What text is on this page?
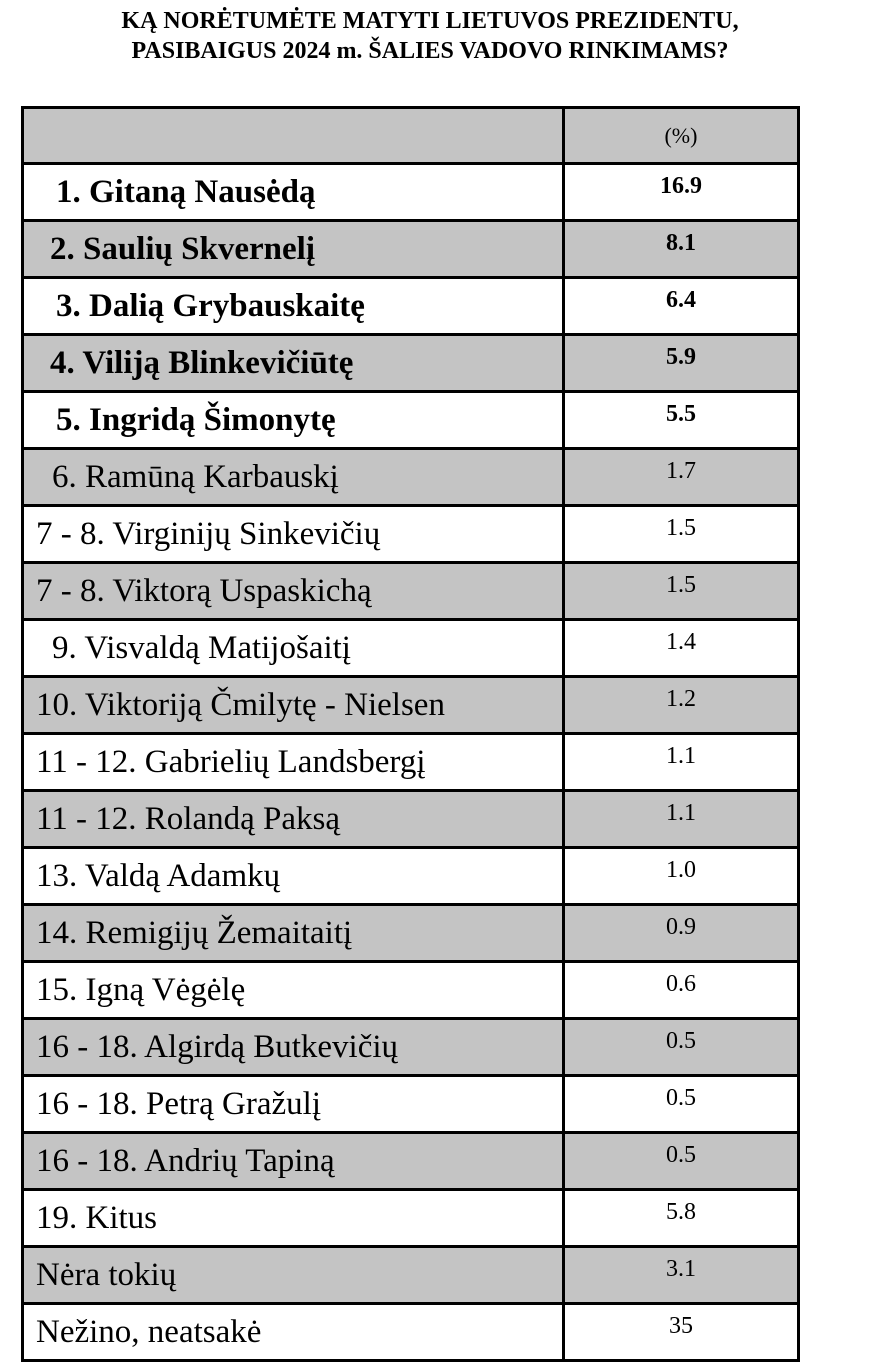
KĄ NORĖTUMĖTE MATYTI LIETUVOS PREZIDENTU,
PASIBAIGUS 2024 m. ŠALIES VADOVO RINKIMAMS?
	(%)
1. Gitaną Nausėdą	16.9
2. Saulių Skvernelį	8.1
3. Dalią Grybauskaitę	6.4
4. Viliją Blinkevičiūtę	5.9
5. Ingridą Šimonytę	5.5
6. Ramūną Karbauskį	1.7
7 - 8. Virginijų Sinkevičių	1.5
7 - 8. Viktorą Uspaskichą	1.5
9. Visvaldą Matijošaitį	1.4
10. Viktoriją Čmilytę - Nielsen	1.2
11 - 12. Gabrielių Landsbergį	1.1
11 - 12. Rolandą Paksą	1.1
13. Valdą Adamkų	1.0
14. Remigijų Žemaitaitį	0.9
15. Igną Vėgėlę	0.6
16 - 18. Algirdą Butkevičių	0.5
16 - 18. Petrą Gražulį	0.5
16 - 18. Andrių Tapiną	0.5
19. Kitus	5.8
Nėra tokių	3.1
Nežino, neatsakė	35
